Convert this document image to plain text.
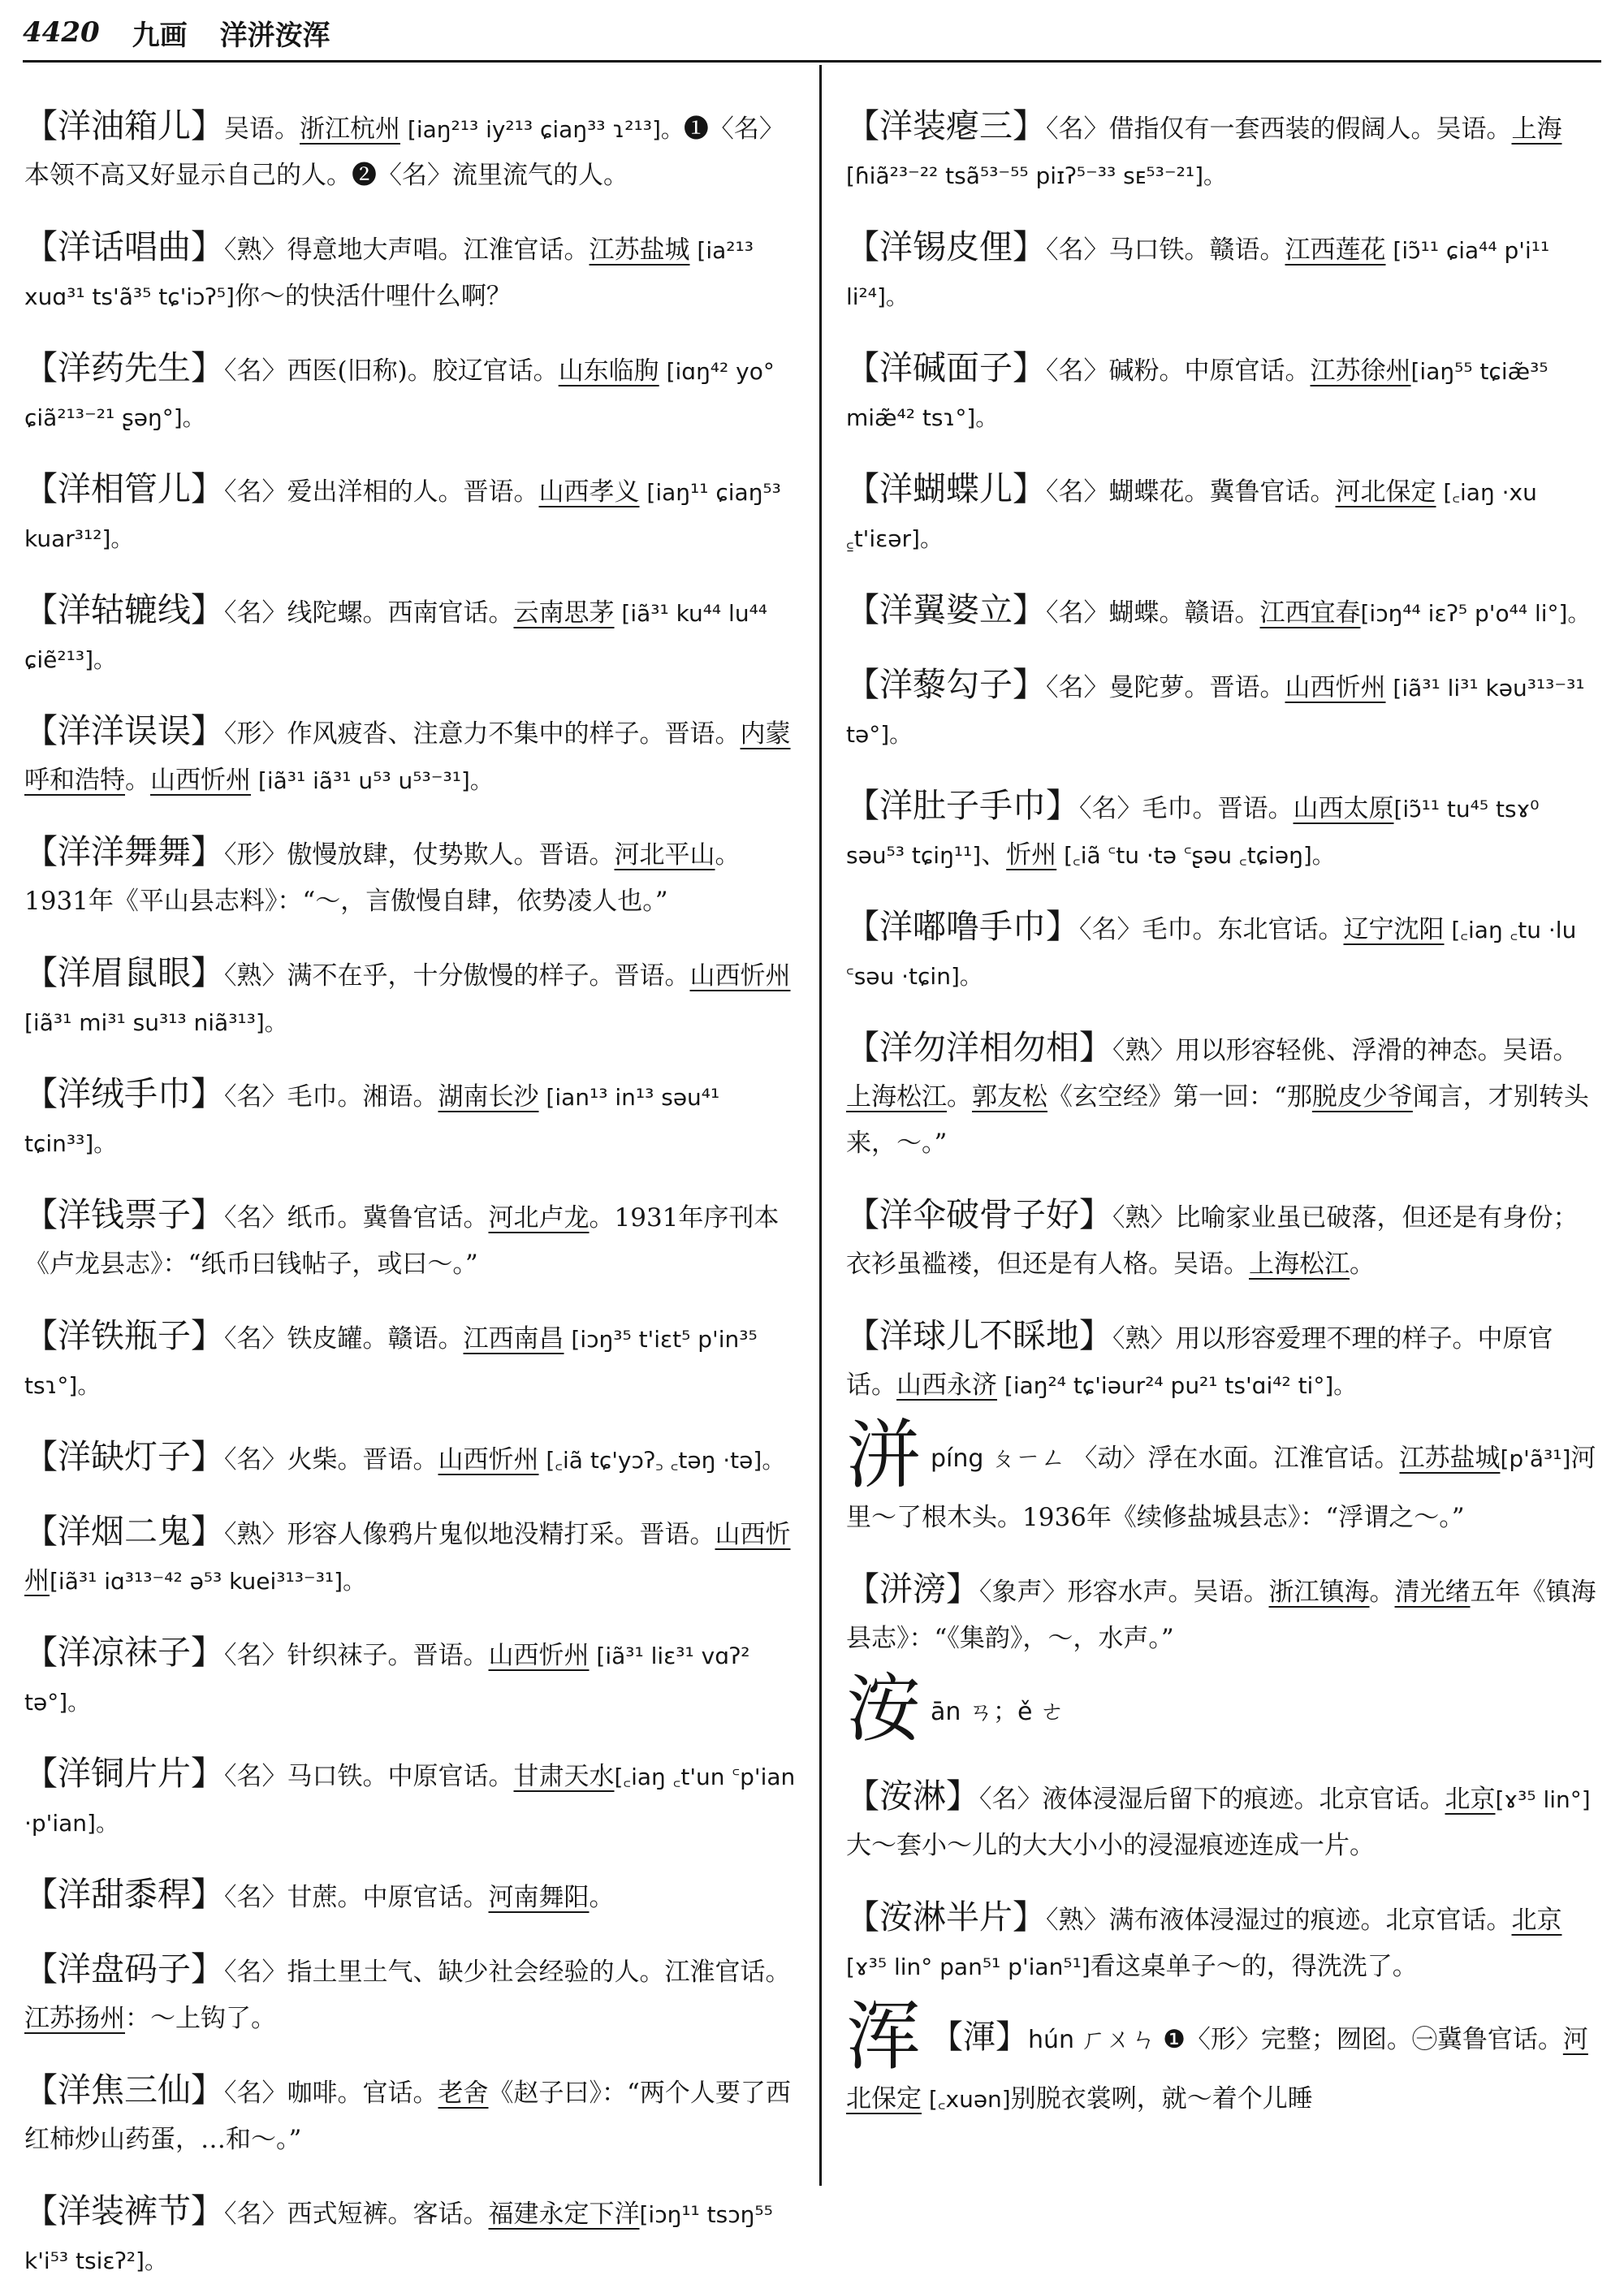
4420 九画 洋洴洝浑

【洋油箱儿】吴语。浙江杭州 [iaŋ²¹³ iy²¹³ ɕiaŋ³³ ɿ²¹³]。❶〈名〉本领不高又好显示自己的人。❷〈名〉流里流气的人。

【洋话唱曲】〈熟〉得意地大声唱。江淮官话。江苏盐城 [ia²¹³ xuɑ³¹ ts'ã³⁵ tɕ'iɔʔ⁵]你～的快活什哩什么啊？

【洋药先生】〈名〉西医(旧称)。胶辽官话。山东临朐 [iɑŋ⁴² yo° ɕiã²¹³⁻²¹ ʂəŋ°]。

【洋相管儿】〈名〉爱出洋相的人。晋语。山西孝义 [iaŋ¹¹ ɕiaŋ⁵³ kuar³¹²]。

【洋轱辘线】〈名〉线陀螺。西南官话。云南思茅 [iã³¹ ku⁴⁴ lu⁴⁴ ɕiẽ²¹³]。

【洋洋误误】〈形〉作风疲沓、注意力不集中的样子。晋语。内蒙呼和浩特。山西忻州 [iã³¹ iã³¹ u⁵³ u⁵³⁻³¹]。

【洋洋舞舞】〈形〉傲慢放肆，仗势欺人。晋语。河北平山。1931年《平山县志料》：“～，言傲慢自肆，依势凌人也。”

【洋眉鼠眼】〈熟〉满不在乎，十分傲慢的样子。晋语。山西忻州[iã³¹ mi³¹ su³¹³ niã³¹³]。

【洋绒手巾】〈名〉毛巾。湘语。湖南长沙 [ian¹³ in¹³ səu⁴¹ tɕin³³]。

【洋钱票子】〈名〉纸币。冀鲁官话。河北卢龙。1931年序刊本《卢龙县志》：“纸币曰钱帖子，或曰～。”

【洋铁瓶子】〈名〉铁皮罐。赣语。江西南昌 [iɔŋ³⁵ t'iɛt⁵ p'in³⁵ tsɿ°]。

【洋缺灯子】〈名〉火柴。晋语。山西忻州 [꜀iã tɕ'yɔʔ꜆ ꜀təŋ ·tə]。

【洋烟二鬼】〈熟〉形容人像鸦片鬼似地没精打采。晋语。山西忻州[iã³¹ iɑ³¹³⁻⁴² ə⁵³ kuei³¹³⁻³¹]。

【洋凉袜子】〈名〉针织袜子。晋语。山西忻州 [iã³¹ liɛ³¹ vɑʔ² tə°]。

【洋铜片片】〈名〉马口铁。中原官话。甘肃天水[꜀iaŋ ꜀t'un ꜂p'ian ·p'ian]。

【洋甜黍稈】〈名〉甘蔗。中原官话。河南舞阳。

【洋盘码子】〈名〉指土里土气、缺少社会经验的人。江淮官话。江苏扬州：～上钩了。

【洋焦三仙】〈名〉咖啡。官话。老舍《赵子曰》：“两个人要了西红柿炒山药蛋，…和～。”

【洋装裤节】〈名〉西式短裤。客话。福建永定下洋[iɔŋ¹¹ tsɔŋ⁵⁵ k'i⁵³ tsiɛʔ²]。

【洋装瘪三】〈名〉借指仅有一套西装的假阔人。吴语。上海[ɦiã²³⁻²² tsã⁵³⁻⁵⁵ piɪʔ⁵⁻³³ sᴇ⁵³⁻²¹]。

【洋锡皮俚】〈名〉马口铁。赣语。江西莲花 [iɔ̃¹¹ ɕia⁴⁴ p'i¹¹ li²⁴]。

【洋碱面子】〈名〉碱粉。中原官话。江苏徐州[iaŋ⁵⁵ tɕiæ̃³⁵ miæ̃⁴² tsɿ°]。

【洋蝴蝶儿】〈名〉蝴蝶花。冀鲁官话。河北保定 [꜀iaŋ ·xu ꜁t'iɛər]。

【洋翼婆立】〈名〉蝴蝶。赣语。江西宜春[iɔŋ⁴⁴ iɛʔ⁵ p'o⁴⁴ li°]。

【洋藜勾子】〈名〉曼陀萝。晋语。山西忻州 [iã³¹ li³¹ kəu³¹³⁻³¹ tə°]。

【洋肚子手巾】〈名〉毛巾。晋语。山西太原[iɔ̃¹¹ tu⁴⁵ tsɤ⁰ səu⁵³ tɕiŋ¹¹]、忻州 [꜀iã ꜂tu ·tə ꜂ʂəu ꜀tɕiəŋ]。

【洋嘟噜手巾】〈名〉毛巾。东北官话。辽宁沈阳 [꜀iaŋ ꜀tu ·lu ꜂səu ·tɕin]。

【洋勿洋相勿相】〈熟〉用以形容轻佻、浮滑的神态。吴语。上海松江。郭友松《玄空经》第一回：“那脱皮少爷闻言，才别转头来，～。”

【洋伞破骨子好】〈熟〉比喻家业虽已破落，但还是有身份；衣衫虽褴褛，但还是有人格。吴语。上海松江。

【洋球儿不睬地】〈熟〉用以形容爱理不理的样子。中原官话。山西永济 [iaŋ²⁴ tɕ'iəur²⁴ pu²¹ ts'ɑi⁴² ti°]。

洴píng ㄆㄧㄥ 〈动〉浮在水面。江淮官话。江苏盐城[p'ã³¹]河里～了根木头。1936年《续修盐城县志》：“浮谓之～。”

【洴滂】〈象声〉形容水声。吴语。浙江镇海。清光绪五年《镇海县志》：“《集韵》，～，水声。”

洝ān ㄢ；ě ㄜ

【洝淋】〈名〉液体浸湿后留下的痕迹。北京官话。北京[ɤ³⁵ lin°] 大～套小～儿的大大小小的浸湿痕迹连成一片。

【洝淋半片】〈熟〉满布液体浸湿过的痕迹。北京官话。北京[ɤ³⁵ lin° pan⁵¹ p'ian⁵¹]看这桌单子～的，得洗洗了。

浑 【渾】hún ㄏㄨㄣ ❶〈形〉完整；囫囵。㊀冀鲁官话。河北保定 [꜀xuən]别脱衣裳咧，就～着个儿睡
